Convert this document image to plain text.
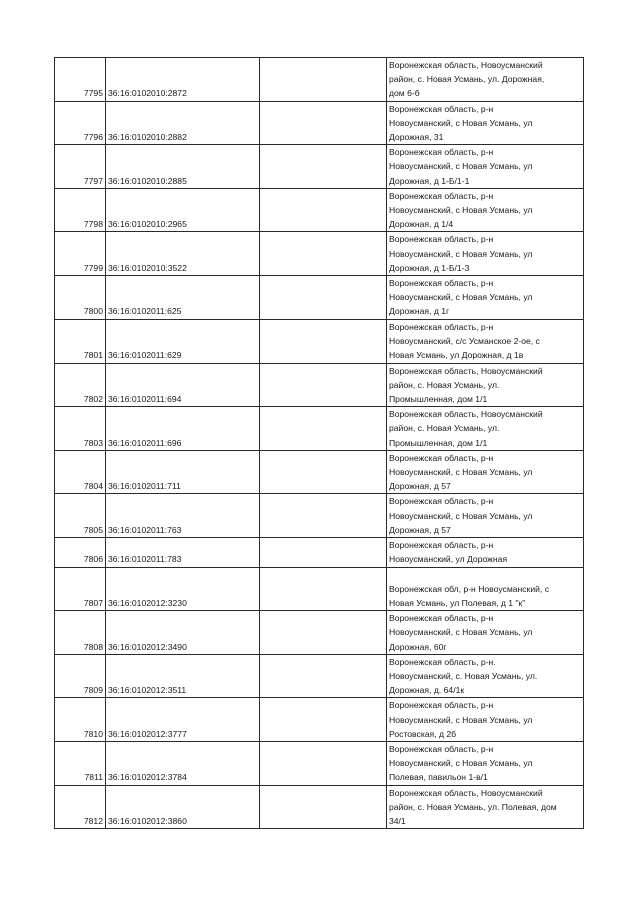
7795	36:16:0102010:2872		Воронежская область, Новоусманский
район, с. Новая Усмань, ул. Дорожная,
дом 6-б

7796	36:16:0102010:2882		Воронежская область, р-н
Новоусманский, с Новая Усмань, ул
Дорожная, 31

7797	36:16:0102010:2885		Воронежская область, р-н
Новоусманский, с Новая Усмань, ул
Дорожная, д 1-Б/1-1

7798	36:16:0102010:2965		Воронежская область, р-н
Новоусманский, с Новая Усмань, ул
Дорожная, д 1/4

7799	36:16:0102010:3522		Воронежская область, р-н
Новоусманский, с Новая Усмань, ул
Дорожная, д 1-Б/1-3

7800	36:16:0102011:625		Воронежская область, р-н
Новоусманский, с Новая Усмань, ул
Дорожная, д 1г

7801	36:16:0102011:629		Воронежская область, р-н
Новоусманский, с/с Усманское 2-ое, с
Новая Усмань, ул Дорожная, д 1в

7802	36:16:0102011:694		Воронежская область, Новоусманский
район, с. Новая Усмань, ул.
Промышленная, дом 1/1

7803	36:16:0102011:696		Воронежская область, Новоусманский
район, с. Новая Усмань, ул.
Промышленная, дом 1/1

7804	36:16:0102011:711		Воронежская область, р-н
Новоусманский, с Новая Усмань, ул
Дорожная, д 57

7805	36:16:0102011:763		Воронежская область, р-н
Новоусманский, с Новая Усмань, ул
Дорожная, д 57

7806	36:16:0102011:783		Воронежская область, р-н
Новоусманский, ул Дорожная

7807	36:16:0102012:3230		Воронежская обл, р-н Новоусманский, с
Новая Усмань, ул Полевая, д 1 "к"

7808	36:16:0102012:3490		Воронежская область, р-н
Новоусманский, с Новая Усмань, ул
Дорожная, 60г

7809	36:16:0102012:3511		Воронежская область, р-н.
Новоусманский, с. Новая Усмань, ул.
Дорожная, д. 64/1к

7810	36:16:0102012:3777		Воронежская область, р-н
Новоусманский, с Новая Усмань, ул
Ростовская, д 2б

7811	36:16:0102012:3784		Воронежская область, р-н
Новоусманский, с Новая Усмань, ул
Полевая, павильон 1-в/1

7812	36:16:0102012:3860		Воронежская область, Новоусманский
район, с. Новая Усмань, ул. Полевая, дом
34/1
